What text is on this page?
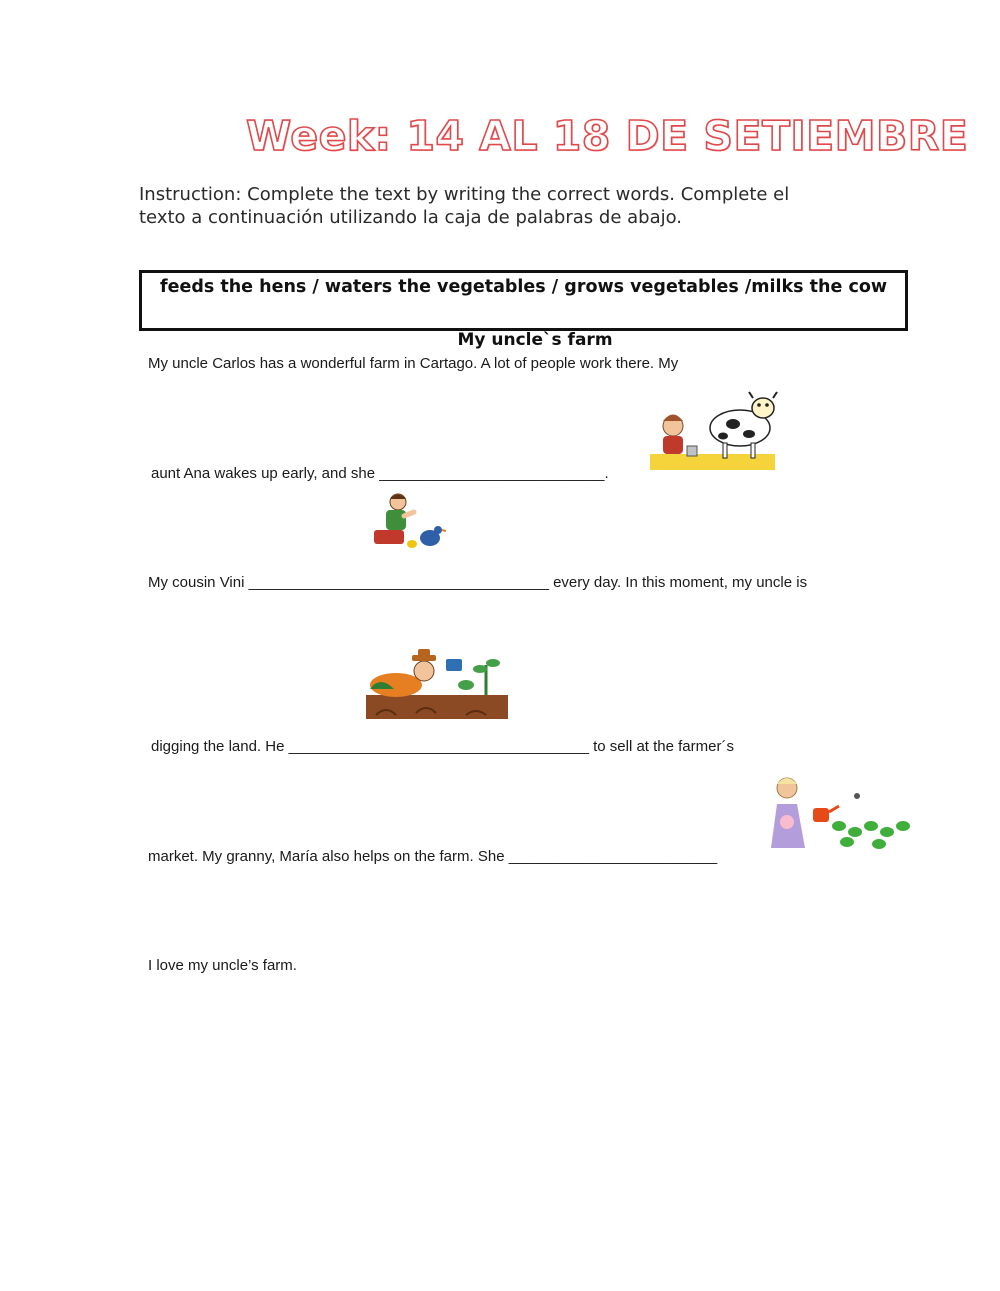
Week: 14 AL 18 DE SETIEMBRE
Instruction: Complete the text by writing the correct words. Complete el
texto a continuación utilizando la caja de palabras de abajo.
feeds the hens / waters the vegetables / grows vegetables /milks the cow
My uncle`s farm
My uncle Carlos has a wonderful farm in Cartago. A lot of people work there. My
aunt Ana wakes up early, and she ___________________________.
My cousin Vini ____________________________________ every day. In this moment, my uncle is
digging the land. He ____________________________________ to sell at the farmer´s
market. My granny, María also helps on the farm. She _________________________
I love my uncle’s farm.
